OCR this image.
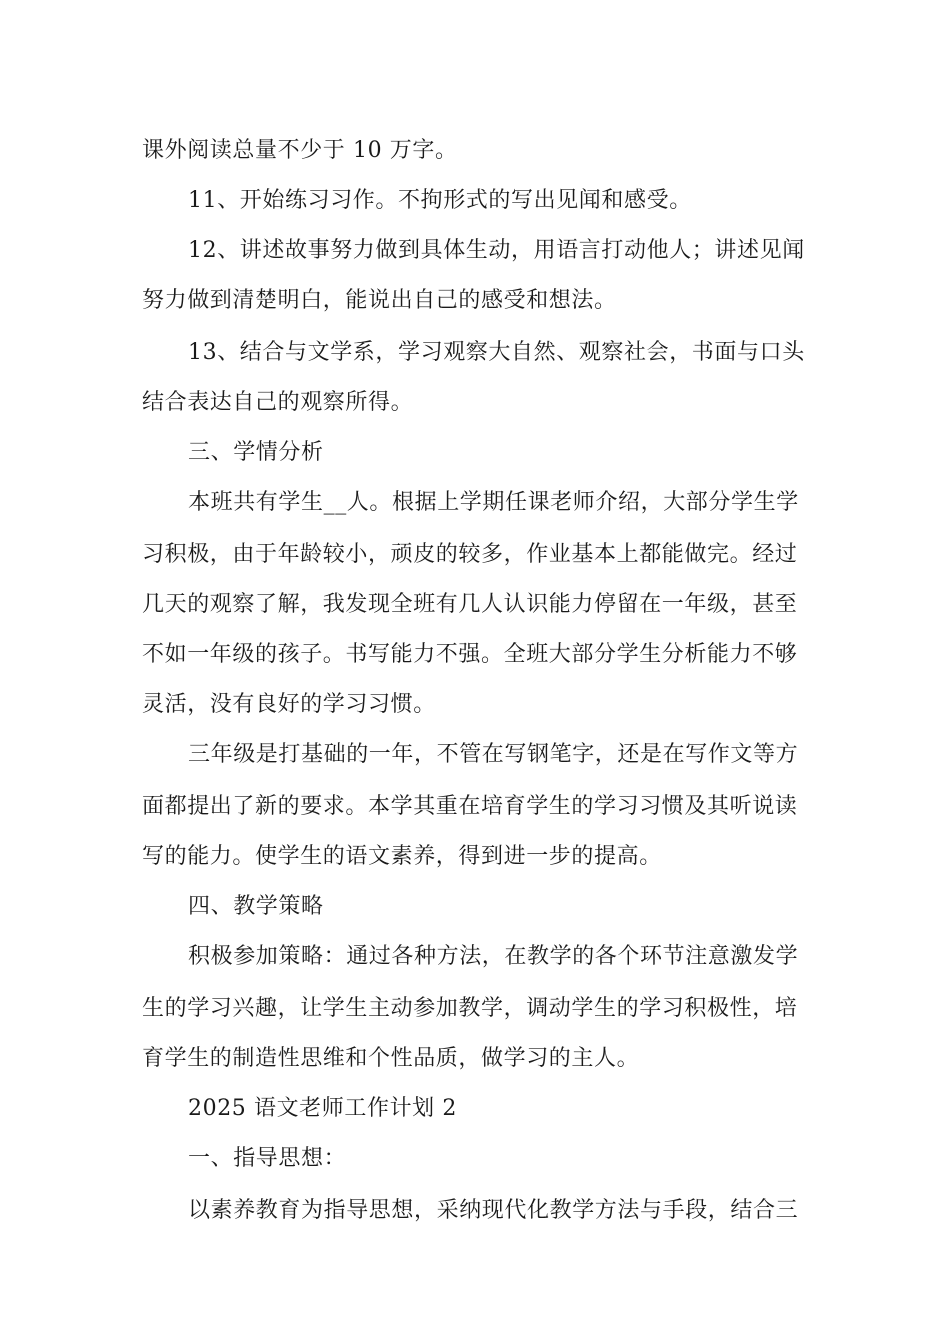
课外阅读总量不少于 10 万字。
11、开始练习习作。不拘形式的写出见闻和感受。
12、讲述故事努力做到具体生动，用语言打动他人；讲述见闻
努力做到清楚明白，能说出自己的感受和想法。
13、结合与文学系，学习观察大自然、观察社会，书面与口头
结合表达自己的观察所得。
三、学情分析
本班共有学生__人。根据上学期任课老师介绍，大部分学生学
习积极，由于年龄较小，顽皮的较多，作业基本上都能做完。经过
几天的观察了解，我发现全班有几人认识能力停留在一年级，甚至
不如一年级的孩子。书写能力不强。全班大部分学生分析能力不够
灵活，没有良好的学习习惯。
三年级是打基础的一年，不管在写钢笔字，还是在写作文等方
面都提出了新的要求。本学其重在培育学生的学习习惯及其听说读
写的能力。使学生的语文素养，得到进一步的提高。
四、教学策略
积极参加策略：通过各种方法，在教学的各个环节注意激发学
生的学习兴趣，让学生主动参加教学，调动学生的学习积极性，培
育学生的制造性思维和个性品质，做学习的主人。
2025 语文老师工作计划 2
一、指导思想：
以素养教育为指导思想，采纳现代化教学方法与手段，结合三
